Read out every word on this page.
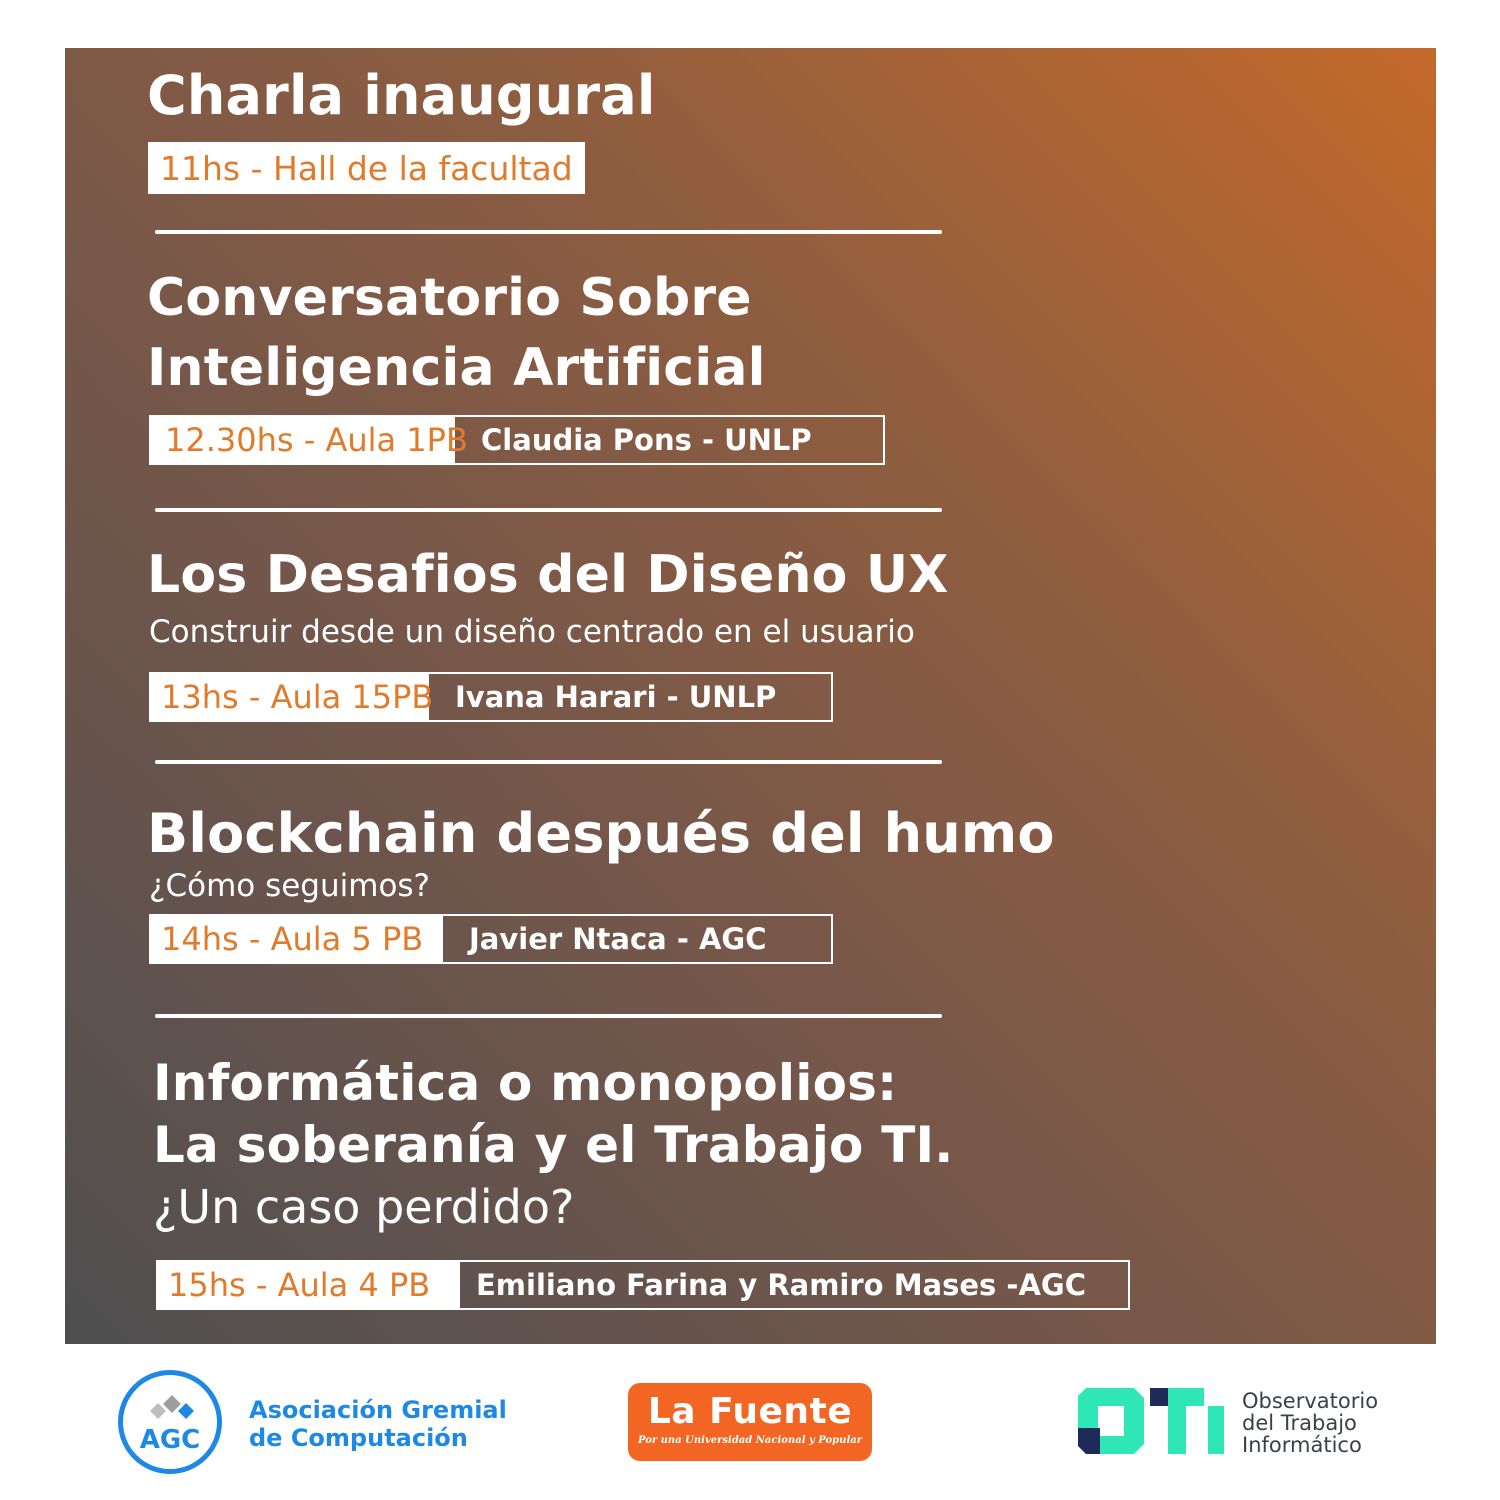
Charla inaugural
11hs - Hall de la facultad
Conversatorio Sobre
Inteligencia Artificial
12.30hs - Aula 1PB Claudia Pons - UNLP
Los Desafios del Diseño UX
Construir desde un diseño centrado en el usuario
13hs - Aula 15PB Ivana Harari - UNLP
Blockchain después del humo
¿Cómo seguimos?
14hs - Aula 5 PB	Javier Ntaca - AGC
Informática o monopolios:
La soberanía y el Trabajo TI.
¿Un caso perdido?
15hs - Aula 4 PB	Emiliano Farina y Ramiro Mases -AGC
AGC
Asociación Gremial
de Computación
La Fuente
Por una Universidad Nacional y Popular
Observatorio
del Trabajo
Informático
